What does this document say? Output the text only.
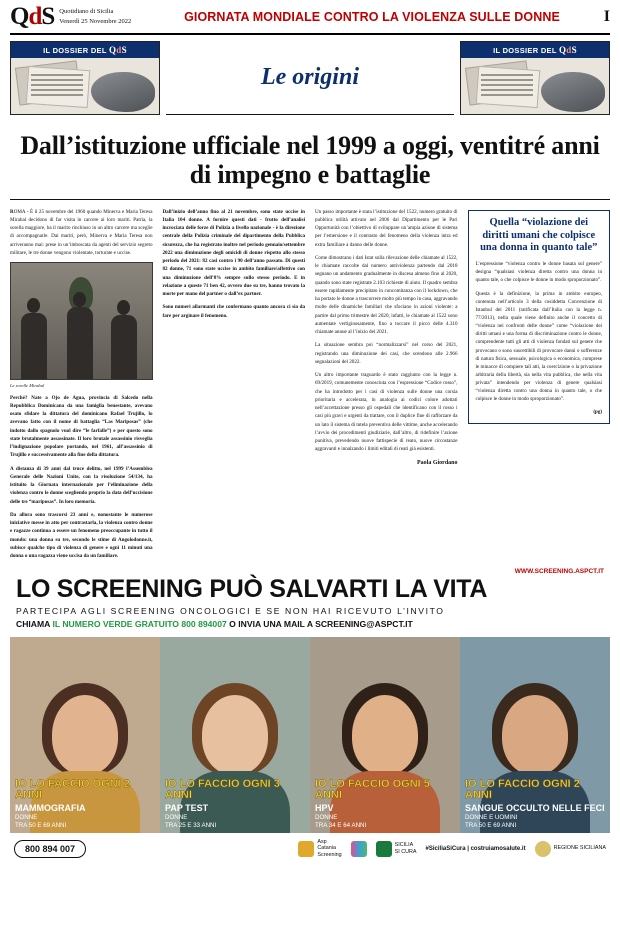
QdS Quotidiano di Sicilia
Venerdì 25 Novembre 2022	GIORNATA MONDIALE CONTRO LA VIOLENZA SULLE DONNE	I
IL DOSSIER DEL QdS
Le origini
IL DOSSIER DEL QdS
Dall’istituzione ufficiale nel 1999 a oggi, ventitré anni di impegno e battaglie

ROMA - È il 25 novembre del 1960 quando Minerva e Maria Teresa Mirabal decidono di far visita in carcere ai loro mariti. Patria, la sorella maggiore, ha il marito rinchiuso in un altro carcere ma sceglie di accompagnarle. Dai mariti, però, Minerva e Maria Teresa non arriveranno mai: prese in un’imboscata da agenti del servizio segreto militare, le tre donne vengono violentate, torturate e uccise.

Le sorelle Mirabal

Perché? Nate a Ojo de Agua, provincia di Salcedo nella Repubblica Dominicana da una famiglia benestante, avevano osato sfidare la dittatura del dominicano Rafael Trujillo, lo avevano fatto con il nome di battaglia “Las Mariposas” (che indotto dallo spagnolo vuol dire “le farfalle”) e per questo sono state brutalmente assassinate. Il loro brutale assassinio risveglia l’indignazione popolare portando, nel 1961, all’assassinio di Trujillo e successivamente alla fine della dittatura.

A distanza di 39 anni dal truce delitto, nel 1999 l’Assemblea Generale delle Nazioni Unite, con la risoluzione 54/134, ha istituito la Giornata internazionale per l’eliminazione della violenza contro le donne scegliendo proprio la data dell’uccisione delle tre “mariposas”. In loro memoria.

Da allora sono trascorsi 23 anni e, nonostante le numerose iniziative messe in atto per contrastarla, la violenza contro donne e ragazze continua a essere un fenomeno preoccupante in tutto il mondo: una donna su tre, secondo le stime di Angolodonne.it, subisce qualche tipo di violenza di genere e ogni 11 minuti una donna o una ragazza viene uccisa da un familiare.

Dall’inizio dell’anno fino al 21 novembre, sono state uccise in Italia 104 donne. A fornire questi dati - frutto dell’analisi incrociata delle forze di Polizia a livello nazionale - è la direzione centrale della Polizia criminale del dipartimento della Pubblica sicurezza, che ha registrato inoltre nel periodo gennaio/settembre 2022 una diminuzione degli omicidi di donne rispetto allo stesso periodo del 2021: 82 casi contro i 90 dell’anno passato. Di questi 82 donne, 71 sono state uccise in ambito familiare/affettivo con una diminuzione dell’8% sempre sullo stesso periodo. E in relazione a queste 71 ben 42, ovvero due su tre, hanno trovato la morte per mano del partner o dall’ex partner.

Sono numeri allarmanti che confermano quanto ancora ci sia da fare per arginare il fenomeno.

Un passo importante è stata l’istituzione del 1522, numero gratuito di pubblica utilità attivato nel 2006 dal Dipartimento per le Pari Opportunità con l’obiettivo di sviluppare un’ampia azione di sistema per l’emersione e il contrasto del fenomeno della violenza intra ed extra familiare a danno delle donne.

Come dimostrano i dati Istat sulla rilevazione delle chiamate al 1522, le chiamate raccolte dal numero antiviolenza partendo dal 2018 segnano un andamento gradualmente in discesa almeno fino al 2020, quando sono state registrate 2.103 richieste di aiuto. Il quadro sembra essere rapidamente precipitato in concomitanza con il lockdown, che ha portato le donne a trascorrere molto più tempo in casa, aggravando molte delle dinamiche familiari che sfociano in azioni violente: a partire dal primo trimestre del 2020, infatti, le chiamate al 1522 sono aumentate vertiginosamente, fino a toccare il picco delle 4.310 chiamate annue al l’inizio del 2021.

La situazione sembra poi “normalizzarsi” nel corso del 2021, registrando una diminuzione dei casi, che scendono alle 2.966 segnalazioni del 2022.

Un altro importante traguardo è stato raggiunto con la legge n. 69/2019, comunemente conosciuta con l’espressione “Codice rosso”, che ha introdotto per i casi di violenza sulle donne una corsia prioritaria e accelerata, in analogia ai codici colore adottati nell’accettazione presso gli ospedali che identificano con il rosso i casi più gravi e urgenti da trattare, con il duplice fine di rafforzare da un lato il sistema di tutela preventiva delle vittime, anche accelerando l’avvio dei procedimenti giudiziarie, dall’altro, di ridefinire l’azione punitiva, prevedendo nuove fattispecie di reato, nuove circostanze aggravanti e innalzando i limiti editali di reati già esistenti.

Paola Giordano
Quella “violazione dei diritti umani che colpisce una donna in quanto tale”

L’espressione “violenza contro le donne basata sul genere” designa “qualsiasi violenza diretta contro una donna in quanto tale, o che colpisce le donne in modo sproporzionato”.

Questa è la definizione, la prima in ambito europeo, contenuta nell’articolo 3 della cosiddetta Convenzione di Istanbul del 2011 (ratificata dall’Italia con la legge n. 77/2013), nella quale viene definito anche il concetto di “violenza nei confronti delle donne” come “violazione dei diritti umani e una forma di discriminazione contro le donne, comprendente tutti gli atti di violenza fondati sul genere che provocano o sono suscettibili di provocare danni o sofferenze di natura fisica, sessuale, psicologica o economica, comprese le minacce di compiere tali atti, la coercizione o la privazione arbitraria della libertà, sia nella vita pubblica, che nella vita privata” intendendo per violenza di genere qualsiasi “violenza diretta contro una donna in quanto tale, o che colpisce le donne in modo sproporzionato”.

(pg)
WWW.SCREENING.ASPCT.IT
LO SCREENING PUÒ SALVARTI LA VITA
PARTECIPA AGLI SCREENING ONCOLOGICI E SE NON HAI RICEVUTO L’INVITO
CHIAMA IL NUMERO VERDE GRATUITO 800 894007 O INVIA UNA MAIL A SCREENING@ASPCT.IT
IO LO FACCIO OGNI 2 ANNI
MAMMOGRAFIA
DONNE
TRA 50 E 69 ANNI
IO LO FACCIO OGNI 3 ANNI
PAP TEST
DONNE
TRA 25 E 33 ANNI
IO LO FACCIO OGNI 5 ANNI
HPV
DONNE
TRA 34 E 64 ANNI
IO LO FACCIO OGNI 2 ANNI
SANGUE OCCULTO NELLE FECI
DONNE E UOMINI
TRA 50 E 69 ANNI
800 894 007
Asp
Catania
Screening
SICILIA
SI CURA #SiciliaSiCura | costruiamosalute.it	REGIONE SICILIANA
